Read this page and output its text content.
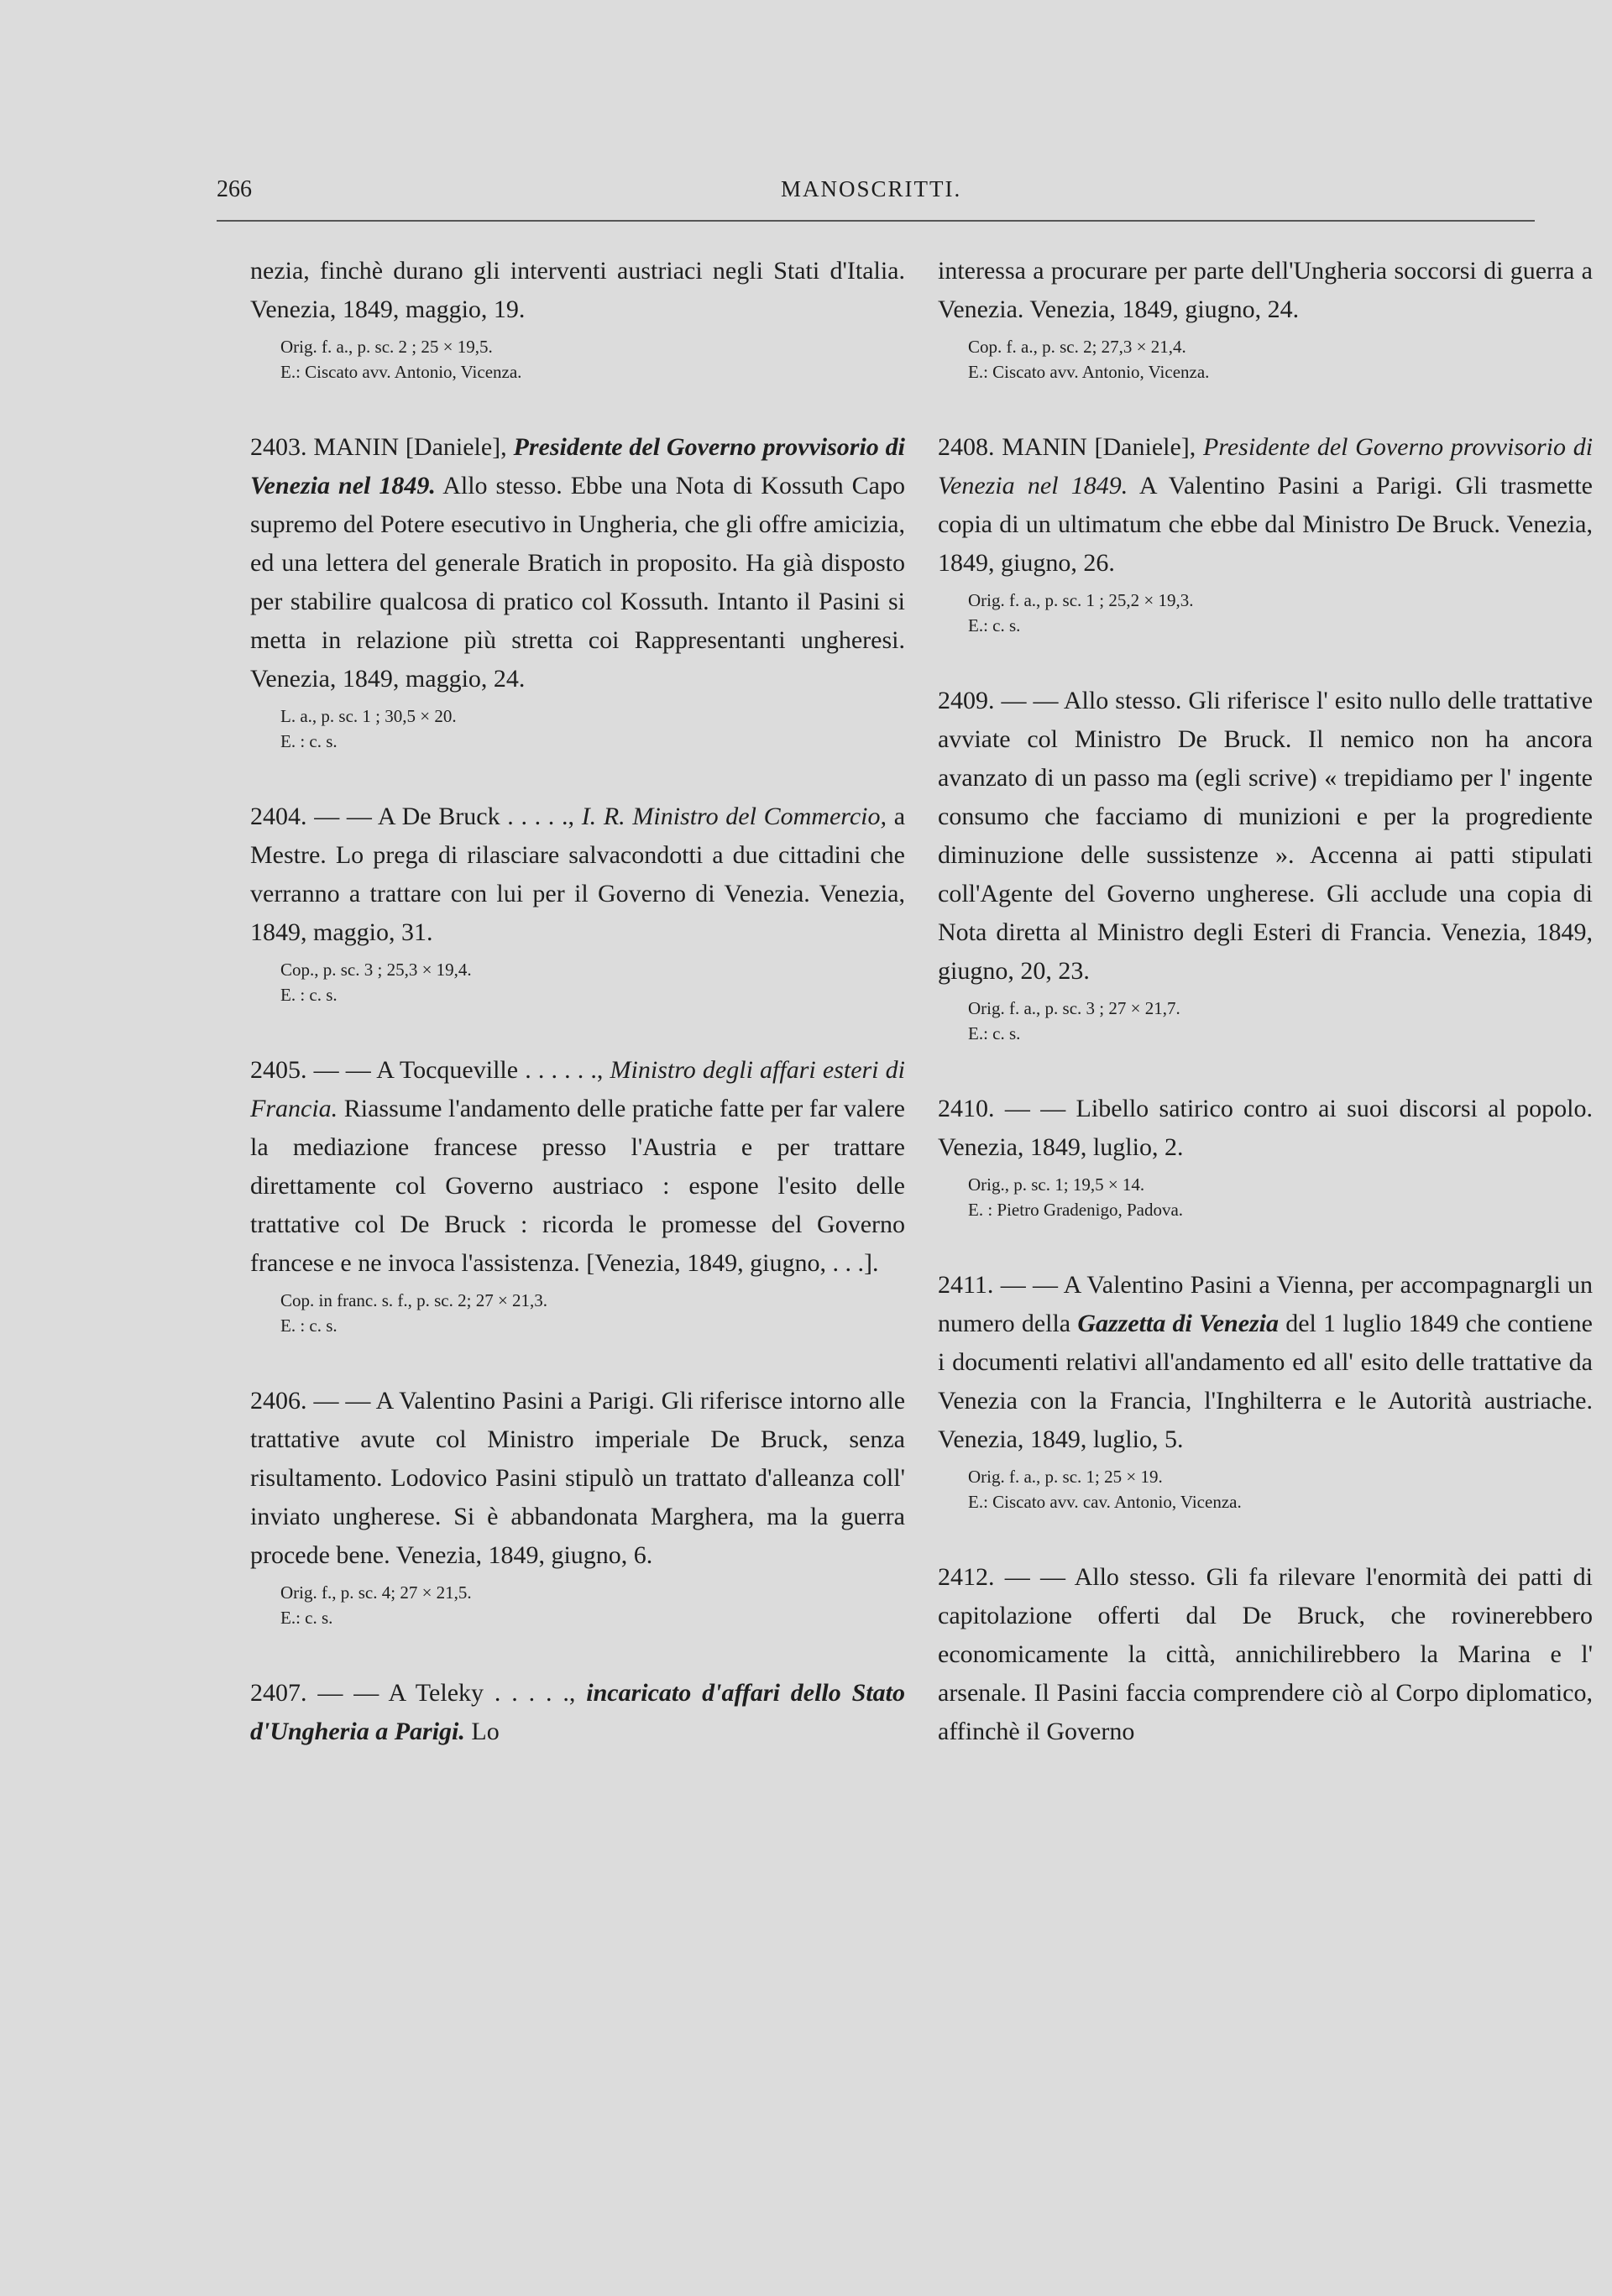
266	MANOSCRITTI.

nezia, finchè durano gli interventi austriaci negli Stati d'Italia. Venezia, 1849, maggio, 19.

Orig. f. a., p. sc. 2 ; 25 × 19,5.
E.: Ciscato avv. Antonio, Vicenza.

2403. MANIN [Daniele], Presidente del Governo provvisorio di Venezia nel 1849. Allo stesso. Ebbe una Nota di Kossuth Capo supremo del Potere esecutivo in Ungheria, che gli offre amicizia, ed una lettera del generale Bratich in proposito. Ha già disposto per stabilire qualcosa di pratico col Kossuth. Intanto il Pasini si metta in relazione più stretta coi Rappresentanti ungheresi. Venezia, 1849, maggio, 24.

L. a., p. sc. 1 ; 30,5 × 20.
E. : c. s.

2404. — — A De Bruck . . . . ., I. R. Ministro del Commercio, a Mestre. Lo prega di rilasciare salvacondotti a due cittadini che verranno a trattare con lui per il Governo di Venezia. Venezia, 1849, maggio, 31.

Cop., p. sc. 3 ; 25,3 × 19,4.
E. : c. s.

2405. — — A Tocqueville . . . . . ., Ministro degli affari esteri di Francia. Riassume l'andamento delle pratiche fatte per far valere la mediazione francese presso l'Austria e per trattare direttamente col Governo austriaco : espone l'esito delle trattative col De Bruck : ricorda le promesse del Governo francese e ne invoca l'assistenza. [Venezia, 1849, giugno, . . .].

Cop. in franc. s. f., p. sc. 2; 27 × 21,3.
E. : c. s.

2406. — — A Valentino Pasini a Parigi. Gli riferisce intorno alle trattative avute col Ministro imperiale De Bruck, senza risultamento. Lodovico Pasini stipulò un trattato d'alleanza coll' inviato ungherese. Si è abbandonata Marghera, ma la guerra procede bene. Venezia, 1849, giugno, 6.

Orig. f., p. sc. 4; 27 × 21,5.
E.: c. s.

2407. — — A Teleky . . . . ., incaricato d'affari dello Stato d'Ungheria a Parigi. Lo

interessa a procurare per parte dell'Ungheria soccorsi di guerra a Venezia. Venezia, 1849, giugno, 24.

Cop. f. a., p. sc. 2; 27,3 × 21,4.
E.: Ciscato avv. Antonio, Vicenza.

2408. MANIN [Daniele], Presidente del Governo provvisorio di Venezia nel 1849. A Valentino Pasini a Parigi. Gli trasmette copia di un ultimatum che ebbe dal Ministro De Bruck. Venezia, 1849, giugno, 26.

Orig. f. a., p. sc. 1 ; 25,2 × 19,3.
E.: c. s.

2409. — — Allo stesso. Gli riferisce l' esito nullo delle trattative avviate col Ministro De Bruck. Il nemico non ha ancora avanzato di un passo ma (egli scrive) « trepidiamo per l' ingente consumo che facciamo di munizioni e per la progrediente diminuzione delle sussistenze ». Accenna ai patti stipulati coll'Agente del Governo ungherese. Gli acclude una copia di Nota diretta al Ministro degli Esteri di Francia. Venezia, 1849, giugno, 20, 23.

Orig. f. a., p. sc. 3 ; 27 × 21,7.
E.: c. s.

2410. — — Libello satirico contro ai suoi discorsi al popolo. Venezia, 1849, luglio, 2.

Orig., p. sc. 1; 19,5 × 14.
E. : Pietro Gradenigo, Padova.

2411. — — A Valentino Pasini a Vienna, per accompagnargli un numero della Gazzetta di Venezia del 1 luglio 1849 che contiene i documenti relativi all'andamento ed all' esito delle trattative da Venezia con la Francia, l'Inghilterra e le Autorità austriache. Venezia, 1849, luglio, 5.

Orig. f. a., p. sc. 1; 25 × 19.
E.: Ciscato avv. cav. Antonio, Vicenza.

2412. — — Allo stesso. Gli fa rilevare l'enormità dei patti di capitolazione offerti dal De Bruck, che rovinerebbero economicamente la città, annichilirebbero la Marina e l' arsenale. Il Pasini faccia comprendere ciò al Corpo diplomatico, affinchè il Governo
